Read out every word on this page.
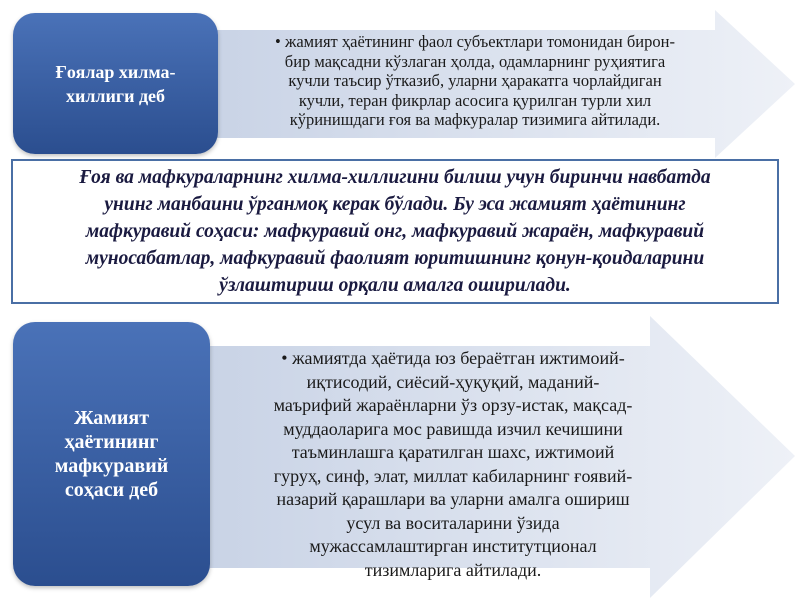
Ғоялар хилма-
хиллиги деб
• жамият ҳаётининг фаол субъектлари томонидан бирон-
бир мақсадни кўзлаган ҳолда, одамларнинг руҳиятига
кучли таъсир ўтказиб, уларни ҳаракатга чорлайдиган
кучли, теран фикрлар асосига қурилган турли хил
кўринишдаги ғоя ва мафкуралар тизимига айтилади.
Ғоя ва мафкураларнинг хилма-хиллигини билиш учун биринчи навбатда
унинг манбаини ўрганмоқ керак бўлади. Бу эса жамият ҳаётининг
мафкуравий соҳаси: мафкуравий онг, мафкуравий жараён, мафкуравий
муносабатлар, мафкуравий фаолият юритишнинг қонун-қоидаларини
ўзлаштириш орқали амалга оширилади.
Жамият
ҳаётининг
мафкуравий
соҳаси деб
• жамиятда ҳаётида юз бераётган ижтимоий-
иқтисодий, сиёсий-ҳуқуқий, маданий-
маърифий жараёнларни ўз орзу-истак, мақсад-
муддаоларига мос равишда изчил кечишини
таъминлашга қаратилган шахс, ижтимоий
гуруҳ, синф, элат, миллат кабиларнинг ғоявий-
назарий қарашлари ва уларни амалга ошириш
усул ва воситаларини ўзида
мужассамлаштирган институтционал
тизимларига айтилади.
